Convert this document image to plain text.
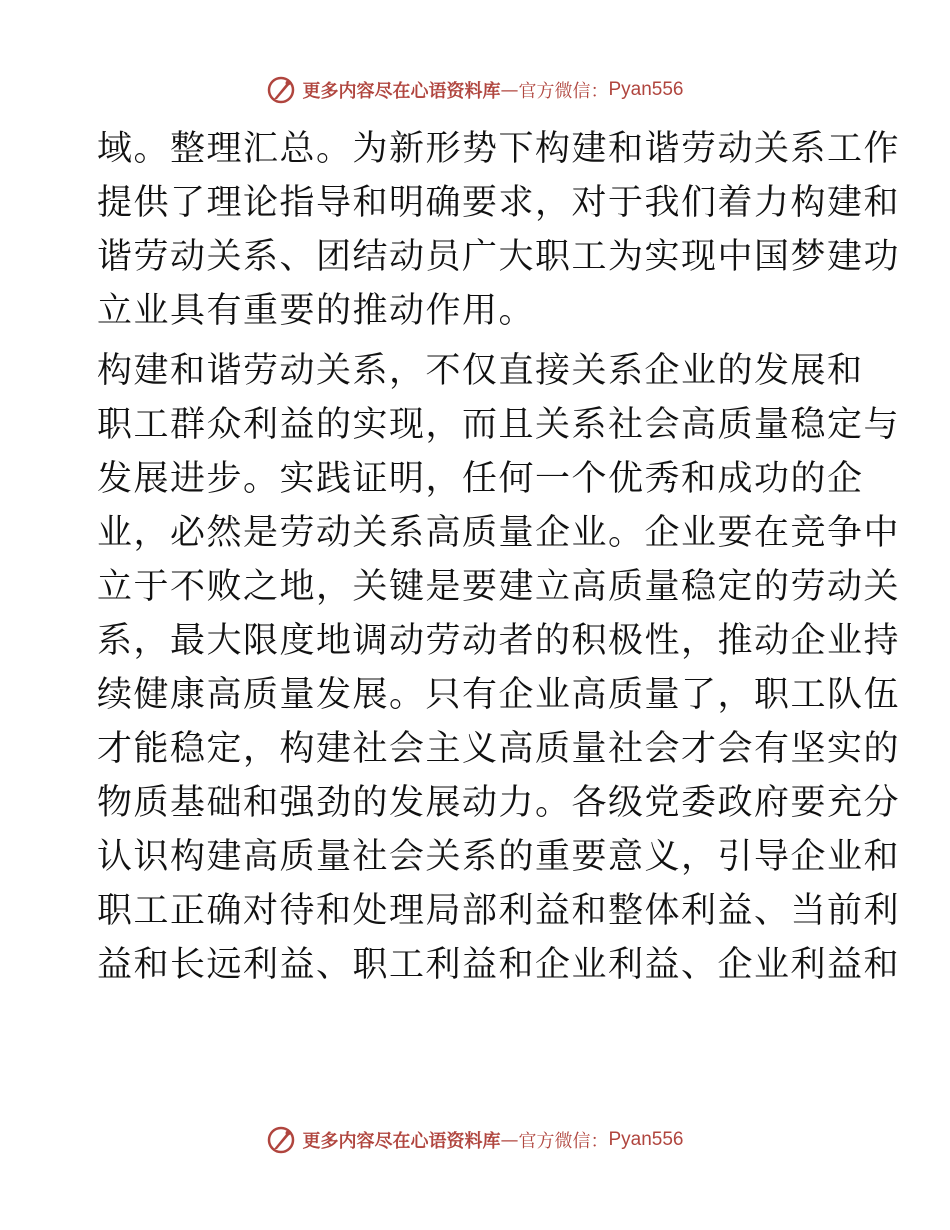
更多内容尽在心语资料库 — 官方微信： Pyan556
域。整理汇总。为新形势下构建和谐劳动关系工作
提供了理论指导和明确要求，对于我们着力构建和
谐劳动关系、团结动员广大职工为实现中国梦建功
立业具有重要的推动作用。
构建和谐劳动关系，不仅直接关系企业的发展和
职工群众利益的实现，而且关系社会高质量稳定与
发展进步。实践证明，任何一个优秀和成功的企
业，必然是劳动关系高质量企业。企业要在竞争中
立于不败之地，关键是要建立高质量稳定的劳动关
系，最大限度地调动劳动者的积极性，推动企业持
续健康高质量发展。只有企业高质量了，职工队伍
才能稳定，构建社会主义高质量社会才会有坚实的
物质基础和强劲的发展动力。各级党委政府要充分
认识构建高质量社会关系的重要意义，引导企业和
职工正确对待和处理局部利益和整体利益、当前利
益和长远利益、职工利益和企业利益、企业利益和
更多内容尽在心语资料库 — 官方微信： Pyan556
